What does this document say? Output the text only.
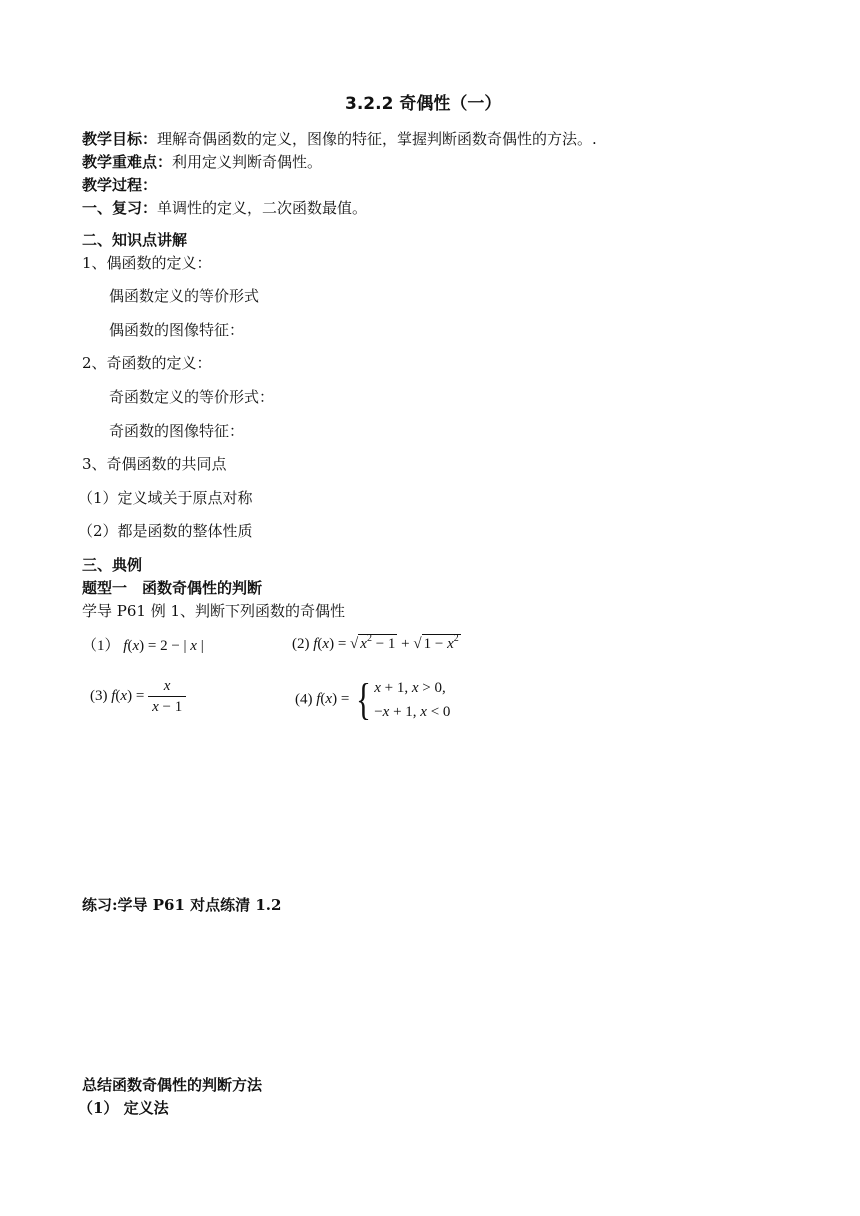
3.2.2 奇偶性（一）
教学目标：理解奇偶函数的定义，图像的特征，掌握判断函数奇偶性的方法。.
教学重难点：利用定义判断奇偶性。
教学过程：
一、复习：单调性的定义，二次函数最值。
二、知识点讲解
1、偶函数的定义：
偶函数定义的等价形式
偶函数的图像特征：
2、奇函数的定义：
奇函数定义的等价形式：
奇函数的图像特征：
3、奇偶函数的共同点
（1）定义域关于原点对称
（2）都是函数的整体性质
三、典例
题型一　函数奇偶性的判断
学导 P61 例 1、判断下列函数的奇偶性
（1） f(x) = 2 − | x |	(2) f(x) = √ $x^2 - 1$ + √ $1 - x^2$
(3) $f(x) = \frac{x}{x - 1}$	(4) f(x) = { x + 1, x > 0,
−x + 1, x < 0
练习:学导 P61 对点练清 1.2
总结函数奇偶性的判断方法
（1） 定义法
